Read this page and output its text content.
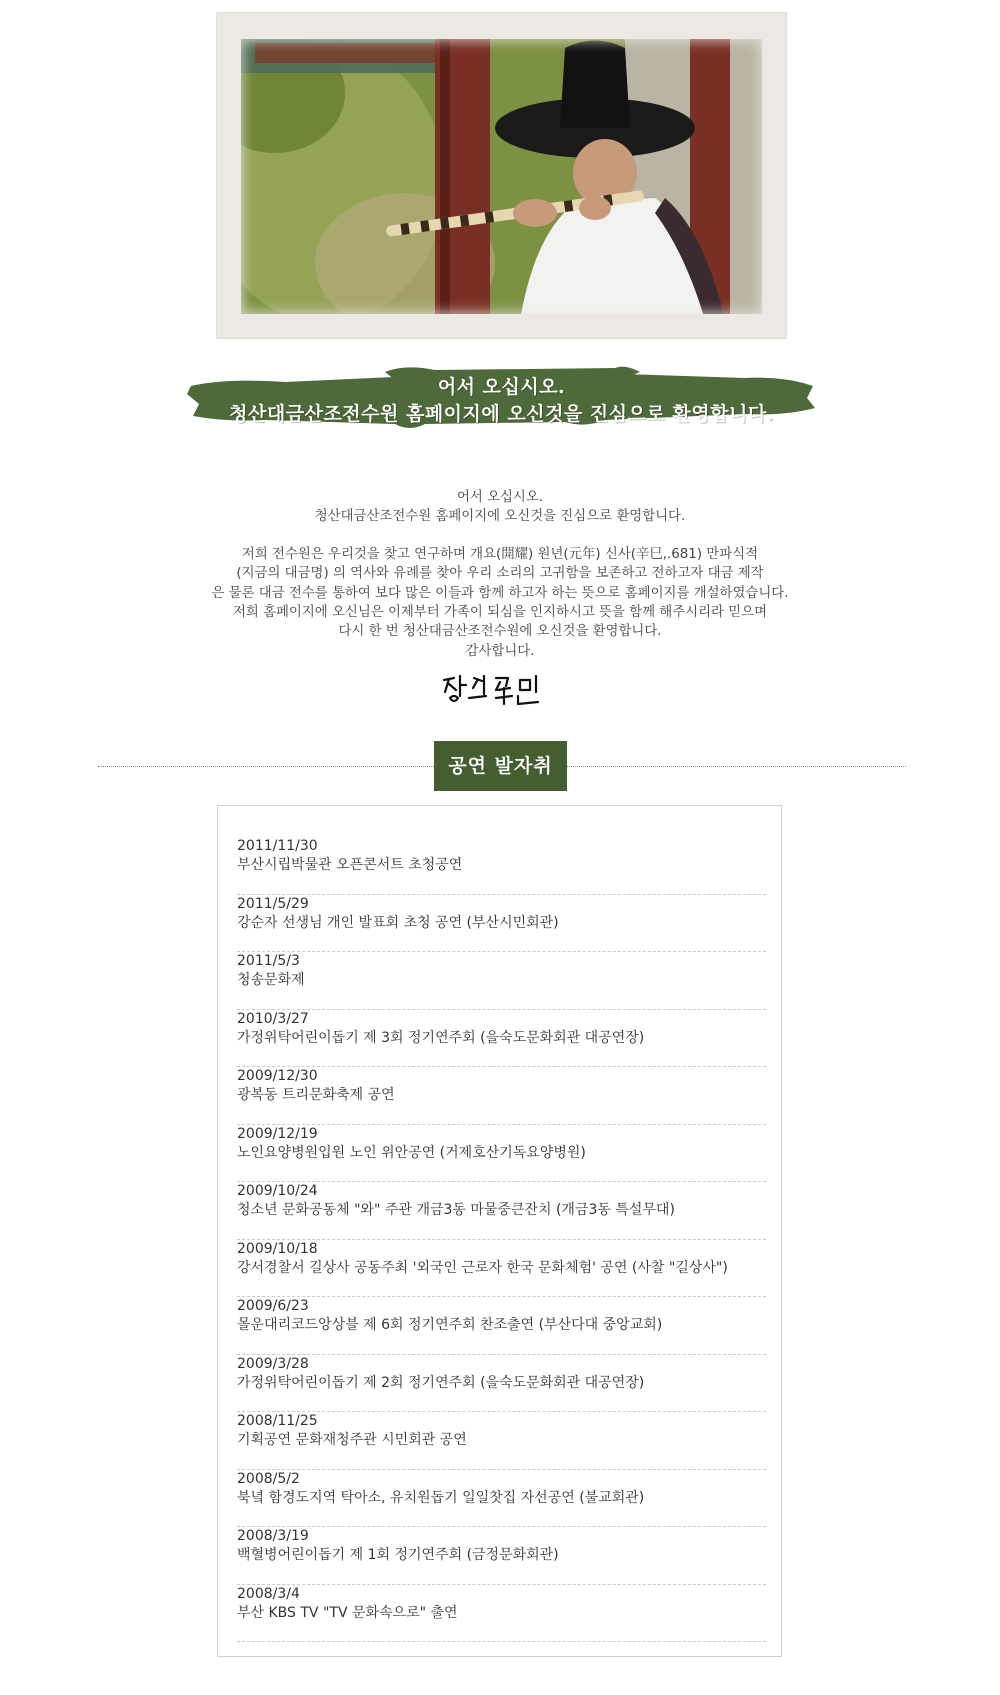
어서 오십시오.
청산대금산조전수원 홈페이지에 오신것을 진심으로 환영합니다.
어서 오십시오.
청산대금산조전수원 홈페이지에 오신것을 진심으로 환영합니다.
저희 전수원은 우리것을 찾고 연구하며 개요(開耀) 원년(元年) 신사(辛巳,.681) 만파식적
(지금의 대금명) 의 역사와 유례를 찾아 우리 소리의 고귀함을 보존하고 전하고자 대금 제작
은 물론 대금 전수를 통하여 보다 많은 이들과 함께 하고자 하는 뜻으로 홈페이지를 개설하였습니다.
저희 홈페이지에 오신님은 이제부터 가족이 되심을 인지하시고 뜻을 함께 해주시리라 믿으며
다시 한 번 청산대금산조전수원에 오신것을 환영합니다.
감사합니다.
공연 발자취
2011/11/30
부산시립박물관 오픈콘서트 초청공연
2011/5/29
강순자 선생님 개인 발표회 초청 공연 (부산시민회관)
2011/5/3
청송문화제
2010/3/27
가정위탁어린이돕기 제 3회 정기연주회 (을숙도문화회관 대공연장)
2009/12/30
광복동 트리문화축제 공연
2009/12/19
노인요양병원입원 노인 위안공연 (거제호산기독요양병원)
2009/10/24
청소년 문화공동체 "와" 주관 개금3동 마물중큰잔치 (개금3동 특설무대)
2009/10/18
강서경찰서 길상사 공동주최 '외국인 근로자 한국 문화체험' 공연 (사찰 "길상사")
2009/6/23
몰운대리코드앙상블 제 6회 정기연주회 찬조출연 (부산다대 중앙교회)
2009/3/28
가정위탁어린이돕기 제 2회 정기연주회 (을숙도문화회관 대공연장)
2008/11/25
기획공연 문화재청주관 시민회관 공연
2008/5/2
북녘 함경도지역 탁아소, 유치원돕기 일일찻집 자선공연 (불교회관)
2008/3/19
백혈병어린이돕기 제 1회 정기연주회 (금정문화회관)
2008/3/4
부산 KBS TV "TV 문화속으로" 출연
